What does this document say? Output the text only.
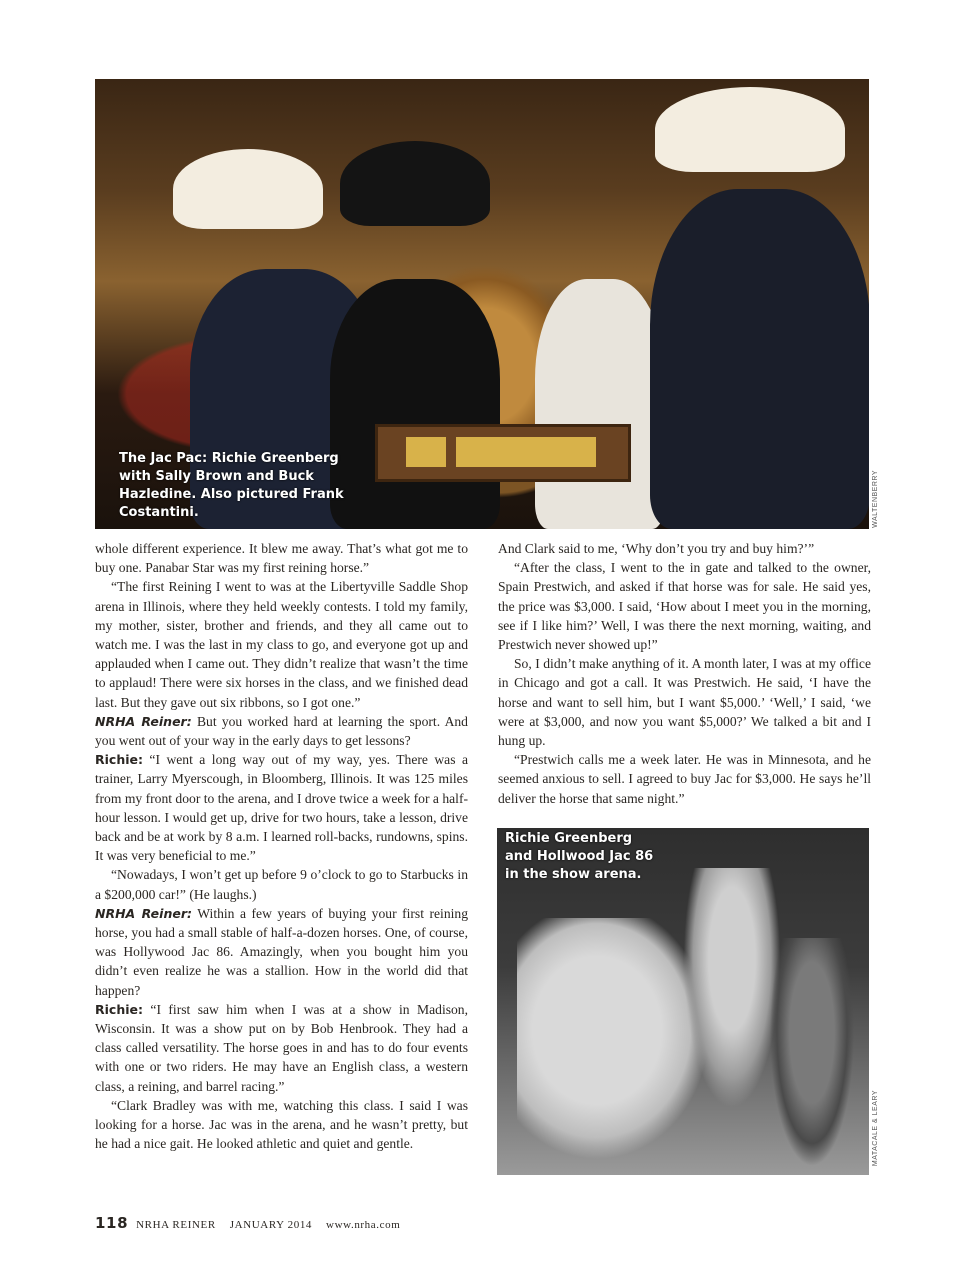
The Jac Pac: Richie Greenberg with Sally Brown and Buck Hazledine. Also pictured Frank Costantini.	WALTENBERRY

whole different experience. It blew me away. That’s what got me to buy one. Panabar Star was my first reining horse.”

“The first Reining I went to was at the Libertyville Saddle Shop arena in Illinois, where they held weekly contests. I told my family, my mother, sister, brother and friends, and they all came out to watch me. I was the last in my class to go, and everyone got up and applauded when I came out. They didn’t realize that wasn’t the time to applaud! There were six horses in the class, and we finished dead last. But they gave out six ribbons, so I got one.”

NRHA Reiner: But you worked hard at learning the sport. And you went out of your way in the early days to get lessons?

Richie: “I went a long way out of my way, yes. There was a trainer, Larry Myerscough, in Bloomberg, Illinois. It was 125 miles from my front door to the arena, and I drove twice a week for a half-hour lesson. I would get up, drive for two hours, take a lesson, drive back and be at work by 8 a.m. I learned roll-backs, rundowns, spins. It was very beneficial to me.”

“Nowadays, I won’t get up before 9 o’clock to go to Starbucks in a $200,000 car!” (He laughs.)

NRHA Reiner: Within a few years of buying your first reining horse, you had a small stable of half-a-dozen horses. One, of course, was Hollywood Jac 86. Amazingly, when you bought him you didn’t even realize he was a stallion. How in the world did that happen?

Richie: “I first saw him when I was at a show in Madison, Wisconsin. It was a show put on by Bob Henbrook. They had a class called versatility. The horse goes in and has to do four events with one or two riders. He may have an English class, a western class, a reining, and barrel racing.”

“Clark Bradley was with me, watching this class. I said I was looking for a horse. Jac was in the arena, and he wasn’t pretty, but he had a nice gait. He looked athletic and quiet and gentle.

And Clark said to me, ‘Why don’t you try and buy him?’”

“After the class, I went to the in gate and talked to the owner, Spain Prestwich, and asked if that horse was for sale. He said yes, the price was $3,000. I said, ‘How about I meet you in the morning, see if I like him?’ Well, I was there the next morning, waiting, and Prestwich never showed up!”

So, I didn’t make anything of it. A month later, I was at my office in Chicago and got a call. It was Prestwich. He said, ‘I have the horse and want to sell him, but I want $5,000.’ ‘Well,’ I said, ‘we were at $3,000, and now you want $5,000?’ We talked a bit and I hung up.

“Prestwich calls me a week later. He was in Minnesota, and he seemed anxious to sell. I agreed to buy Jac for $3,000. He says he’ll deliver the horse that same night.”

Richie Greenberg and Hollwood Jac 86 in the show arena.
MATACALE & LEARY
118 NRHA REINER JANUARY 2014 www.nrha.com
